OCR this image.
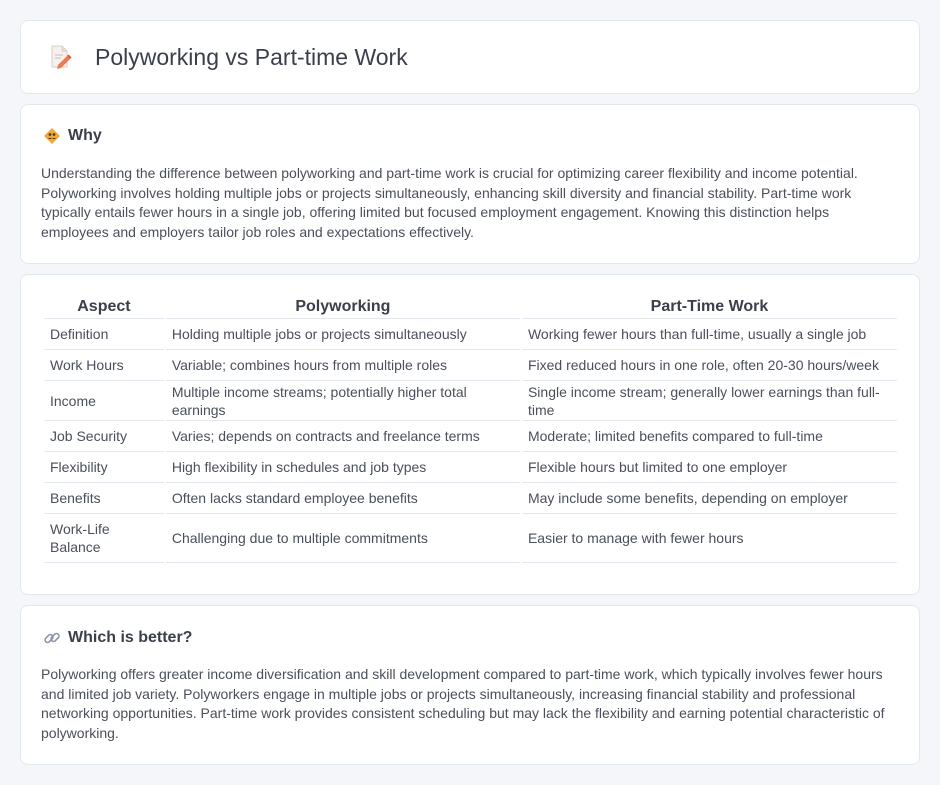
Polyworking vs Part-time Work
Why

Understanding the difference between polyworking and part-time work is crucial for optimizing career flexibility and income potential. Polyworking involves holding multiple jobs or projects simultaneously, enhancing skill diversity and financial stability. Part-time work typically entails fewer hours in a single job, offering limited but focused employment engagement. Knowing this distinction helps employees and employers tailor job roles and expectations effectively.

Aspect	Polyworking	Part-Time Work
Definition	Holding multiple jobs or projects simultaneously	Working fewer hours than full-time, usually a single job
Work Hours	Variable; combines hours from multiple roles	Fixed reduced hours in one role, often 20-30 hours/week
Income	Multiple income streams; potentially higher total earnings	Single income stream; generally lower earnings than full-time
Job Security	Varies; depends on contracts and freelance terms	Moderate; limited benefits compared to full-time
Flexibility	High flexibility in schedules and job types	Flexible hours but limited to one employer
Benefits	Often lacks standard employee benefits	May include some benefits, depending on employer
Work-Life Balance	Challenging due to multiple commitments	Easier to manage with fewer hours
Which is better?

Polyworking offers greater income diversification and skill development compared to part-time work, which typically involves fewer hours and limited job variety. Polyworkers engage in multiple jobs or projects simultaneously, increasing financial stability and professional networking opportunities. Part-time work provides consistent scheduling but may lack the flexibility and earning potential characteristic of polyworking.
